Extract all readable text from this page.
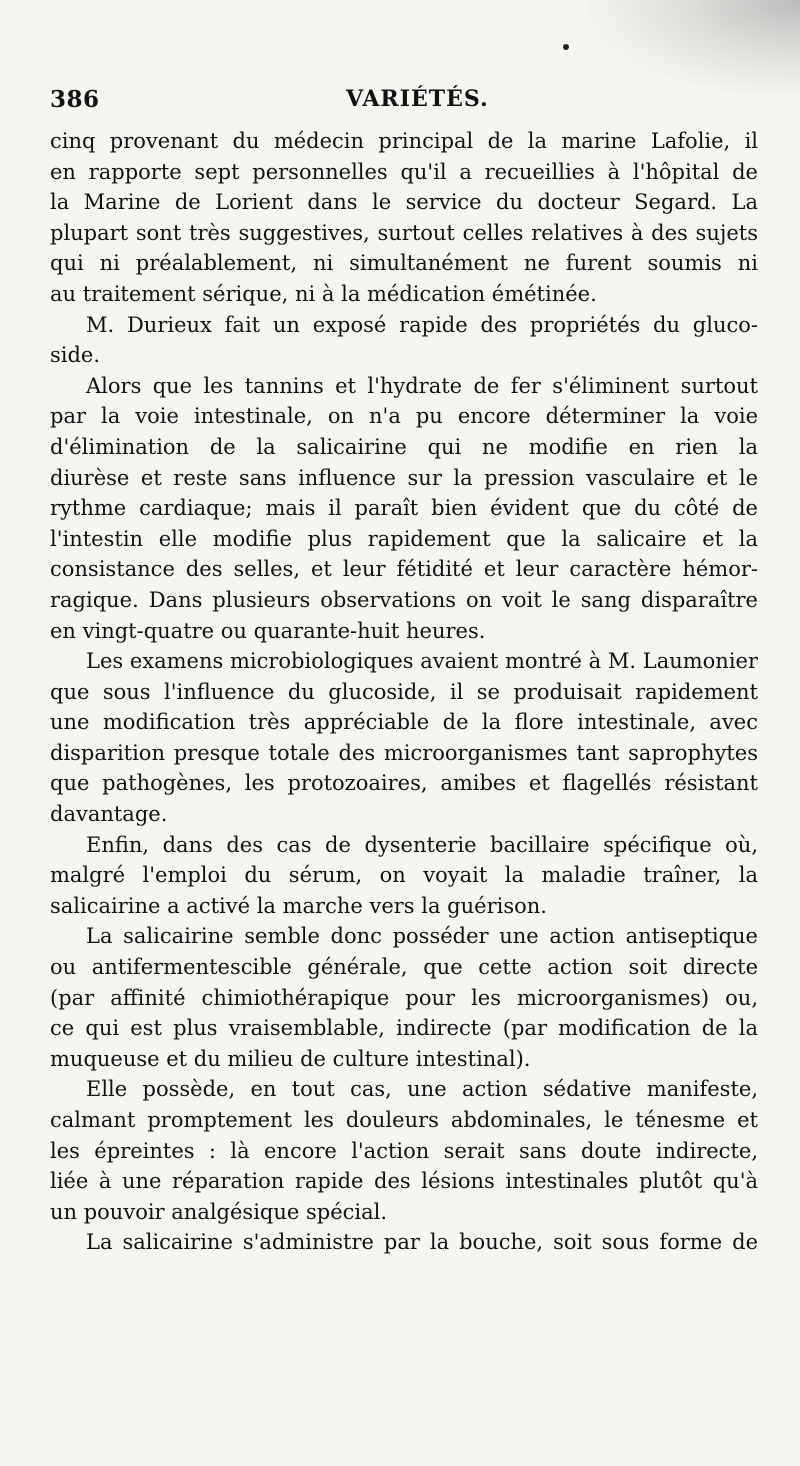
386	VARIÉTÉS.
cinq provenant du médecin principal de la marine Lafolie, il
en rapporte sept personnelles qu'il a recueillies à l'hôpital de
la Marine de Lorient dans le service du docteur Segard. La
plupart sont très suggestives, surtout celles relatives à des sujets
qui ni préalablement, ni simultanément ne furent soumis ni
au traitement sérique, ni à la médication émétinée.
M. Durieux fait un exposé rapide des propriétés du gluco-
side.
Alors que les tannins et l'hydrate de fer s'éliminent surtout
par la voie intestinale, on n'a pu encore déterminer la voie
d'élimination de la salicairine qui ne modifie en rien la
diurèse et reste sans influence sur la pression vasculaire et le
rythme cardiaque; mais il paraît bien évident que du côté de
l'intestin elle modifie plus rapidement que la salicaire et la
consistance des selles, et leur fétidité et leur caractère hémor-
ragique. Dans plusieurs observations on voit le sang disparaître
en vingt-quatre ou quarante-huit heures.
Les examens microbiologiques avaient montré à M. Laumonier
que sous l'influence du glucoside, il se produisait rapidement
une modification très appréciable de la flore intestinale, avec
disparition presque totale des microorganismes tant saprophytes
que pathogènes, les protozoaires, amibes et flagellés résistant
davantage.
Enfin, dans des cas de dysenterie bacillaire spécifique où,
malgré l'emploi du sérum, on voyait la maladie traîner, la
salicairine a activé la marche vers la guérison.
La salicairine semble donc posséder une action antiseptique
ou antifermentescible générale, que cette action soit directe
(par affinité chimiothérapique pour les microorganismes) ou,
ce qui est plus vraisemblable, indirecte (par modification de la
muqueuse et du milieu de culture intestinal).
Elle possède, en tout cas, une action sédative manifeste,
calmant promptement les douleurs abdominales, le ténesme et
les épreintes : là encore l'action serait sans doute indirecte,
liée à une réparation rapide des lésions intestinales plutôt qu'à
un pouvoir analgésique spécial.
La salicairine s'administre par la bouche, soit sous forme de
